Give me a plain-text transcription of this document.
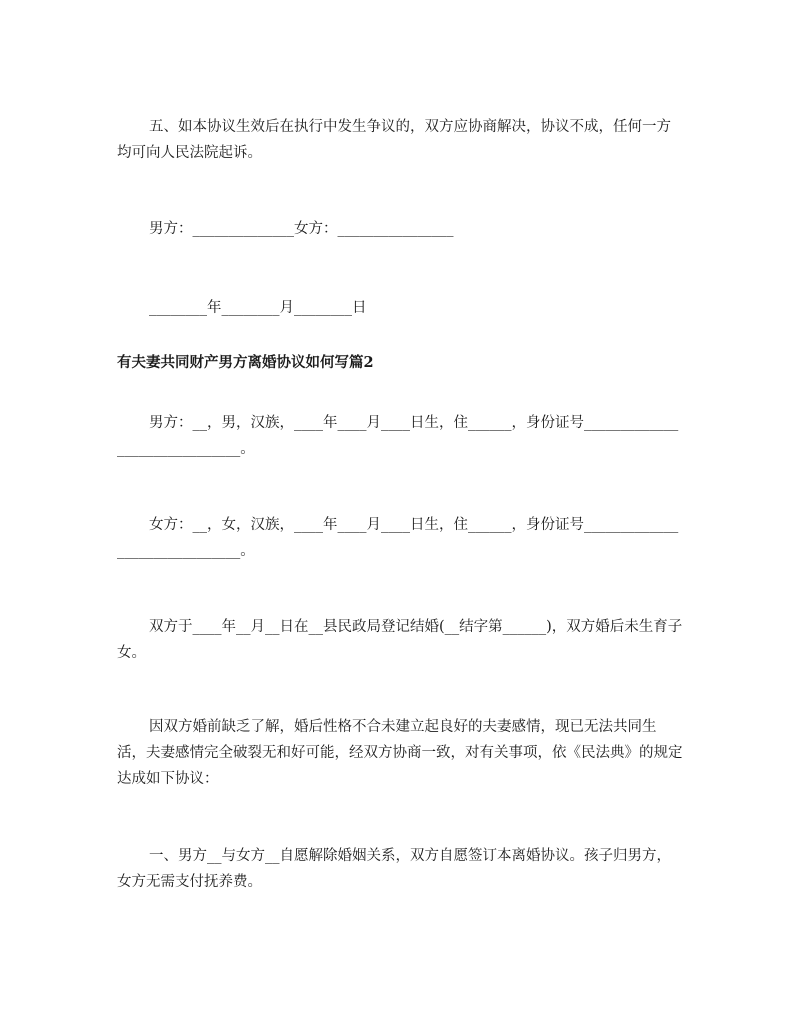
五、如本协议生效后在执行中发生争议的，双方应协商解决，协议不成，任何一方均可向人民法院起诉。

男方：______________女方：________________

________年________月________日

有夫妻共同财产男方离婚协议如何写篇2

男方：__，男，汉族，____年____月____日生，住______，身份证号______________________________。

女方：__，女，汉族，____年____月____日生，住______，身份证号______________________________。

双方于____年__月__日在__县民政局登记结婚(__结字第______)，双方婚后未生育子女。

因双方婚前缺乏了解，婚后性格不合未建立起良好的夫妻感情，现已无法共同生活，夫妻感情完全破裂无和好可能，经双方协商一致，对有关事项，依《民法典》的规定达成如下协议：

一、男方__与女方__自愿解除婚姻关系，双方自愿签订本离婚协议。孩子归男方，女方无需支付抚养费。
